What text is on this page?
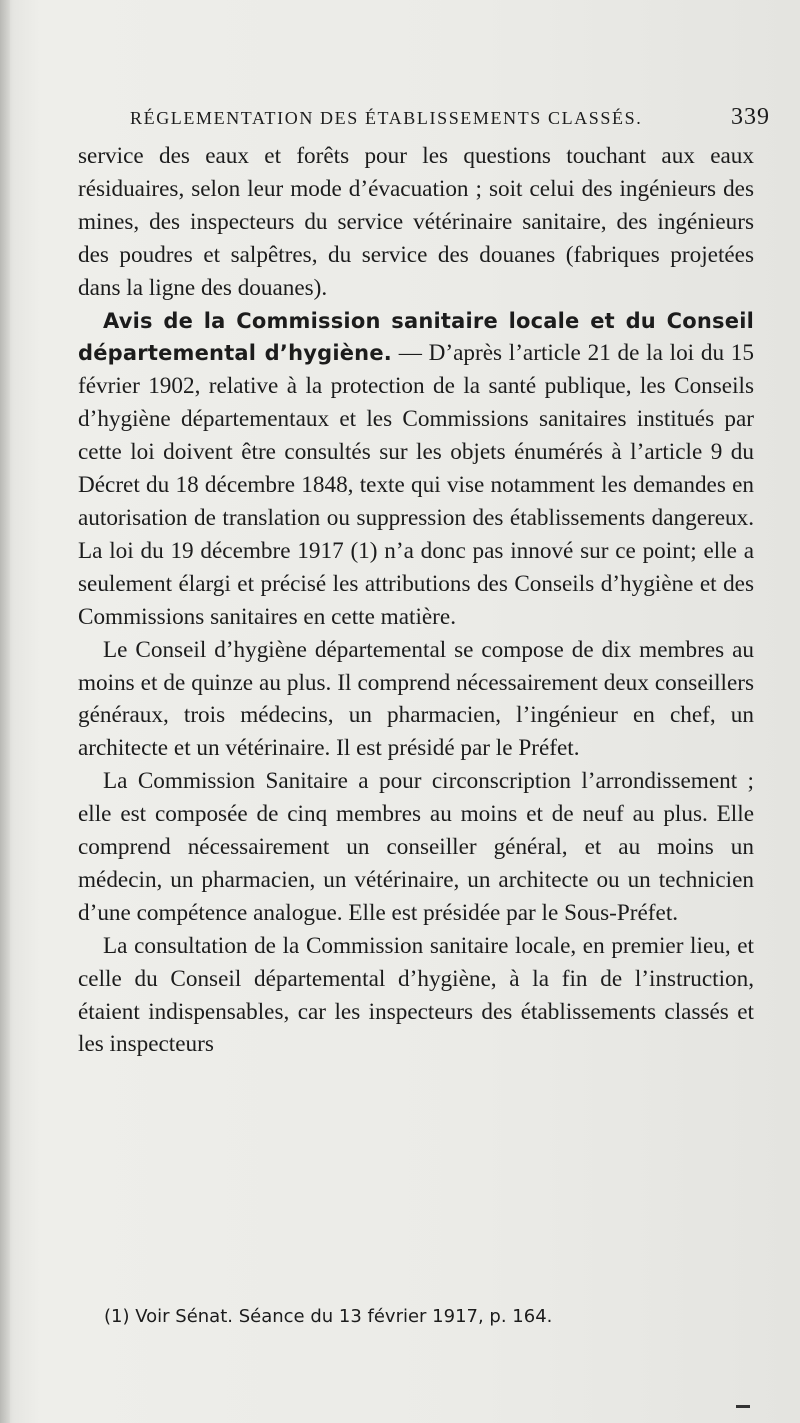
RÉGLEMENTATION DES ÉTABLISSEMENTS CLASSÉS.	339

service des eaux et forêts pour les questions touchant aux eaux résiduaires, selon leur mode d’évacuation ; soit celui des ingénieurs des mines, des inspecteurs du service vétérinaire sanitaire, des ingénieurs des poudres et salpêtres, du service des douanes (fabriques projetées dans la ligne des douanes).

Avis de la Commission sanitaire locale et du Conseil départemental d’hygiène. — D’après l’article 21 de la loi du 15 février 1902, relative à la protection de la santé publique, les Conseils d’hygiène départementaux et les Commissions sanitaires institués par cette loi doivent être consultés sur les objets énumérés à l’article 9 du Décret du 18 décembre 1848, texte qui vise notamment les demandes en autorisation de translation ou suppression des établissements dangereux. La loi du 19 décembre 1917 (1) n’a donc pas innové sur ce point; elle a seulement élargi et précisé les attributions des Conseils d’hygiène et des Commissions sanitaires en cette matière.

Le Conseil d’hygiène départemental se compose de dix membres au moins et de quinze au plus. Il comprend nécessairement deux conseillers généraux, trois médecins, un pharmacien, l’ingénieur en chef, un architecte et un vétérinaire. Il est présidé par le Préfet.

La Commission Sanitaire a pour circonscription l’arrondissement ; elle est composée de cinq membres au moins et de neuf au plus. Elle comprend nécessairement un conseiller général, et au moins un médecin, un pharmacien, un vétérinaire, un architecte ou un technicien d’une compétence analogue. Elle est présidée par le Sous-Préfet.

La consultation de la Commission sanitaire locale, en premier lieu, et celle du Conseil départemental d’hygiène, à la fin de l’instruction, étaient indispensables, car les inspecteurs des établissements classés et les inspecteurs

(1) Voir Sénat. Séance du 13 février 1917, p. 164.
